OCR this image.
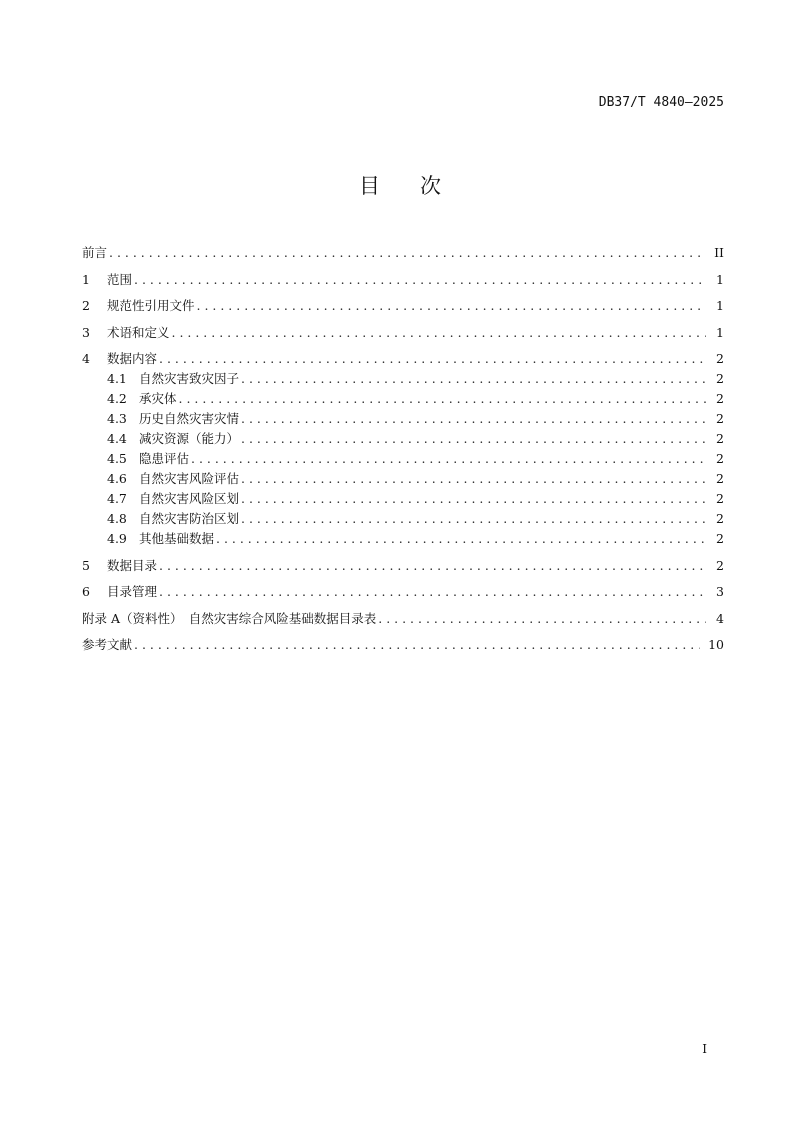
DB37/T 4840—2025
目次
前言 . . .	II
1	范围 . . .	1
2	规范性引用文件 . . .	1
3	术语和定义 . . .	1
4	数据内容 . . .	2
4.1 自然灾害致灾因子 . . .	2
4.2 承灾体 . . .	2
4.3 历史自然灾害灾情 . . .	2
4.4 减灾资源（能力） . . .	2
4.5 隐患评估 . . .	2
4.6 自然灾害风险评估 . . .	2
4.7 自然灾害风险区划 . . .	2
4.8 自然灾害防治区划 . . .	2
4.9 其他基础数据 . . .	2
5	数据目录 . . .	2
6	目录管理 . . .	3
附录 A（资料性）　自然灾害综合风险基础数据目录表 . . .	4
参考文献 . . .	10
I
